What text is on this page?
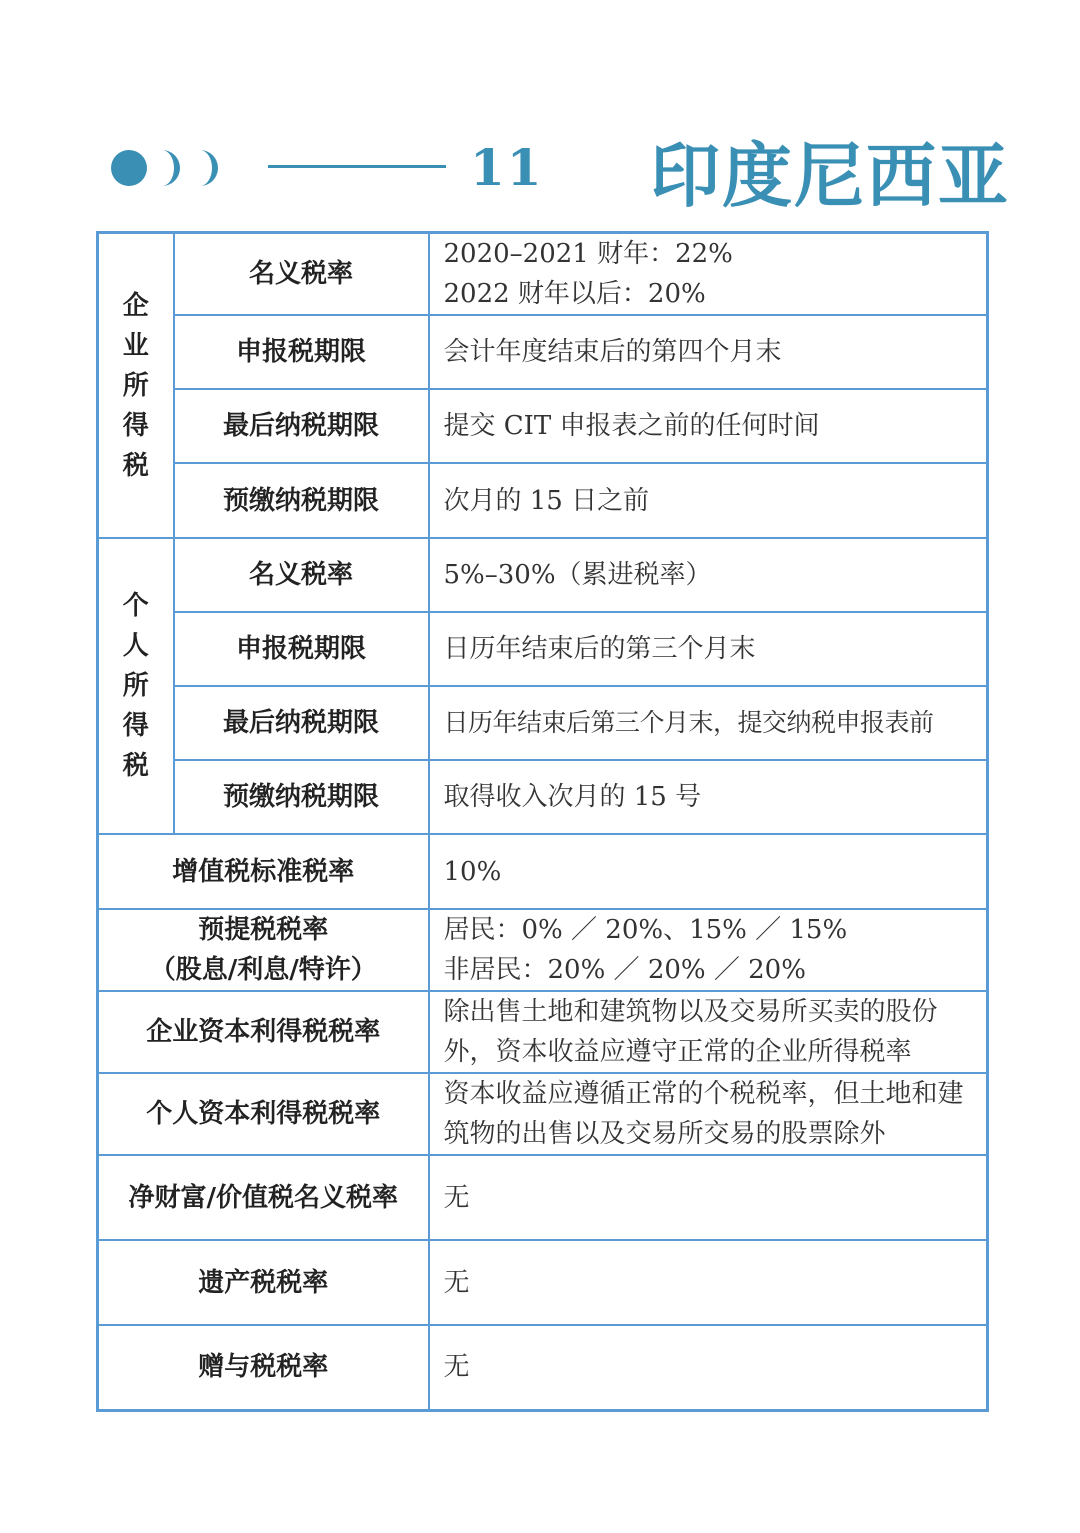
11 印度尼西亚
企业所得税	名义税率	2020–2021 财年：22%
2022 财年以后：20%

	申报税期限	会计年度结束后的第四个月末

	最后纳税期限	提交 CIT 申报表之前的任何时间

	预缴纳税期限	次月的 15 日之前

个人所得税	名义税率	5%–30%（累进税率）

	申报税期限	日历年结束后的第三个月末

	最后纳税期限	日历年结束后第三个月末，提交纳税申报表前

	预缴纳税期限	取得收入次月的 15 号

增值税标准税率		10%

预提税税率
（股息/利息/特许）		居民：0% ／ 20%、15% ／ 15%
非居民：20% ／ 20% ／ 20%

企业资本利得税税率		除出售土地和建筑物以及交易所买卖的股份
外，资本收益应遵守正常的企业所得税率

个人资本利得税税率		资本收益应遵循正常的个税税率，但土地和建
筑物的出售以及交易所交易的股票除外

净财富/价值税名义税率		无

遗产税税率		无

赠与税税率		无
